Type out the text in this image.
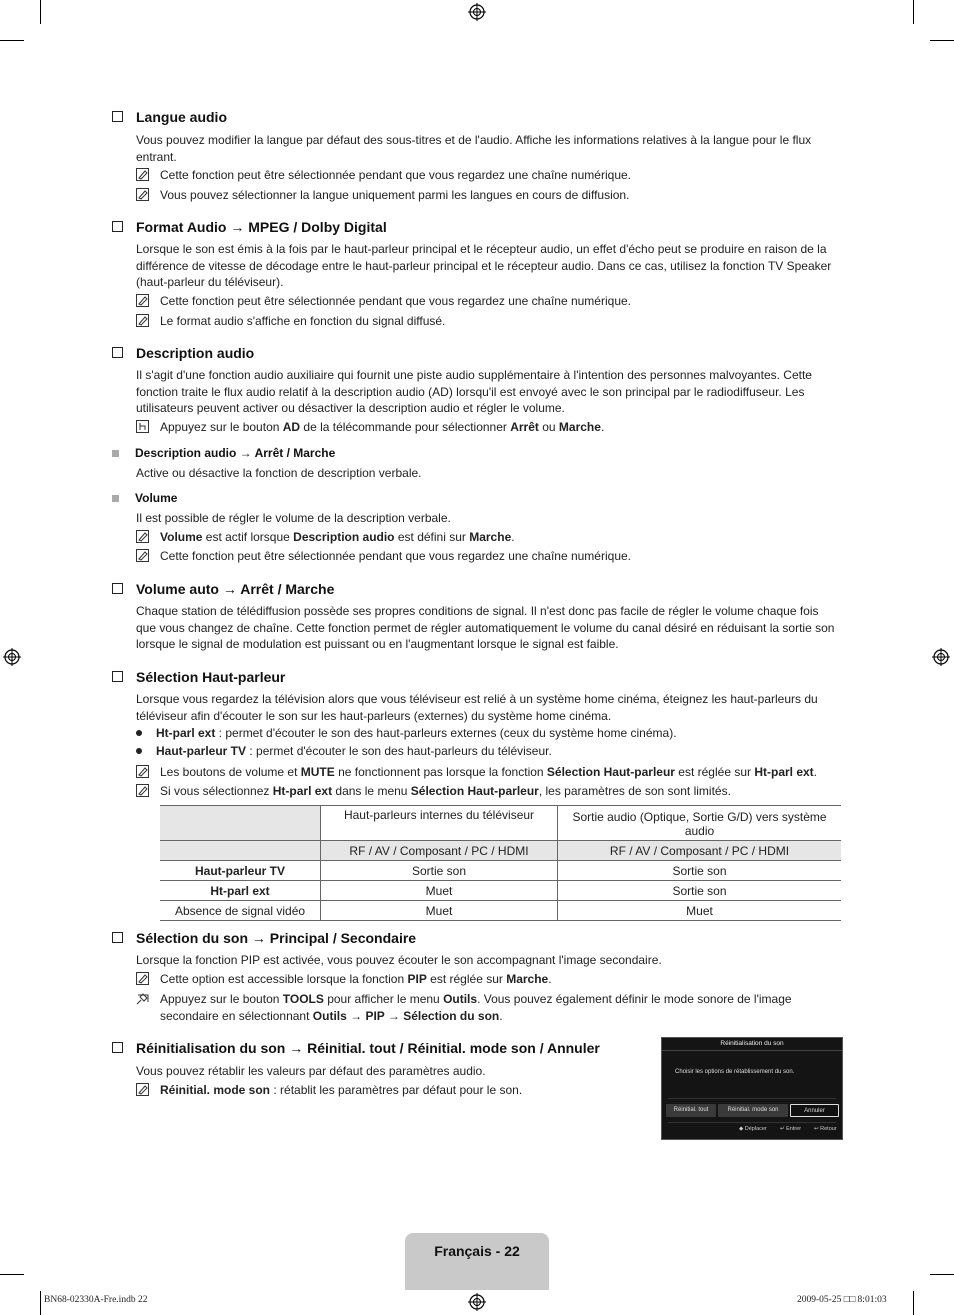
Langue audio
Vous pouvez modifier la langue par défaut des sous-titres et de l'audio. Affiche les informations relatives à la langue pour le flux entrant.
Cette fonction peut être sélectionnée pendant que vous regardez une chaîne numérique.
Vous pouvez sélectionner la langue uniquement parmi les langues en cours de diffusion.
Format Audio → MPEG / Dolby Digital
Lorsque le son est émis à la fois par le haut-parleur principal et le récepteur audio, un effet d'écho peut se produire en raison de la différence de vitesse de décodage entre le haut-parleur principal et le récepteur audio. Dans ce cas, utilisez la fonction TV Speaker (haut-parleur du téléviseur).
Cette fonction peut être sélectionnée pendant que vous regardez une chaîne numérique.
Le format audio s'affiche en fonction du signal diffusé.
Description audio
Il s'agit d'une fonction audio auxiliaire qui fournit une piste audio supplémentaire à l'intention des personnes malvoyantes. Cette fonction traite le flux audio relatif à la description audio (AD) lorsqu'il est envoyé avec le son principal par le radiodiffuseur. Les utilisateurs peuvent activer ou désactiver la description audio et régler le volume.
Appuyez sur le bouton AD de la télécommande pour sélectionner Arrêt ou Marche.
Description audio → Arrêt / Marche
Active ou désactive la fonction de description verbale.
Volume
Il est possible de régler le volume de la description verbale.
Volume est actif lorsque Description audio est défini sur Marche.
Cette fonction peut être sélectionnée pendant que vous regardez une chaîne numérique.
Volume auto → Arrêt / Marche
Chaque station de télédiffusion possède ses propres conditions de signal. Il n'est donc pas facile de régler le volume chaque fois que vous changez de chaîne. Cette fonction permet de régler automatiquement le volume du canal désiré en réduisant la sortie son lorsque le signal de modulation est puissant ou en l'augmentant lorsque le signal est faible.
Sélection Haut-parleur
Lorsque vous regardez la télévision alors que vous téléviseur est relié à un système home cinéma, éteignez les haut-parleurs du téléviseur afin d'écouter le son sur les haut-parleurs (externes) du système home cinéma.
Ht-parl ext : permet d'écouter le son des haut-parleurs externes (ceux du système home cinéma).
Haut-parleur TV : permet d'écouter le son des haut-parleurs du téléviseur.
Les boutons de volume et MUTE ne fonctionnent pas lorsque la fonction Sélection Haut-parleur est réglée sur Ht-parl ext.
Si vous sélectionnez Ht-parl ext dans le menu Sélection Haut-parleur, les paramètres de son sont limités.
	Haut-parleurs internes du téléviseur	Sortie audio (Optique, Sortie G/D) vers système audio
	RF / AV / Composant / PC / HDMI	RF / AV / Composant / PC / HDMI
Haut-parleur TV	Sortie son	Sortie son
Ht-parl ext	Muet	Sortie son
Absence de signal vidéo	Muet	Muet
Sélection du son → Principal / Secondaire
Lorsque la fonction PIP est activée, vous pouvez écouter le son accompagnant l'image secondaire.
Cette option est accessible lorsque la fonction PIP est réglée sur Marche.
Appuyez sur le bouton TOOLS pour afficher le menu Outils. Vous pouvez également définir le mode sonore de l'image secondaire en sélectionnant Outils → PIP → Sélection du son.
Réinitialisation du son → Réinitial. tout / Réinitial. mode son / Annuler
Vous pouvez rétablir les valeurs par défaut des paramètres audio.
Réinitial. mode son : rétablit les paramètres par défaut pour le son.
Réinitialisation du son
Choisir les options de rétablissement du son.
Réinitial. tout	Réinitial. mode son	Annuler
◆ Déplacer ↵ Entrer ↩ Retour
Français - 22
BN68-02330A-Fre.indb 22	2009-05-25 □□ 8:01:03
